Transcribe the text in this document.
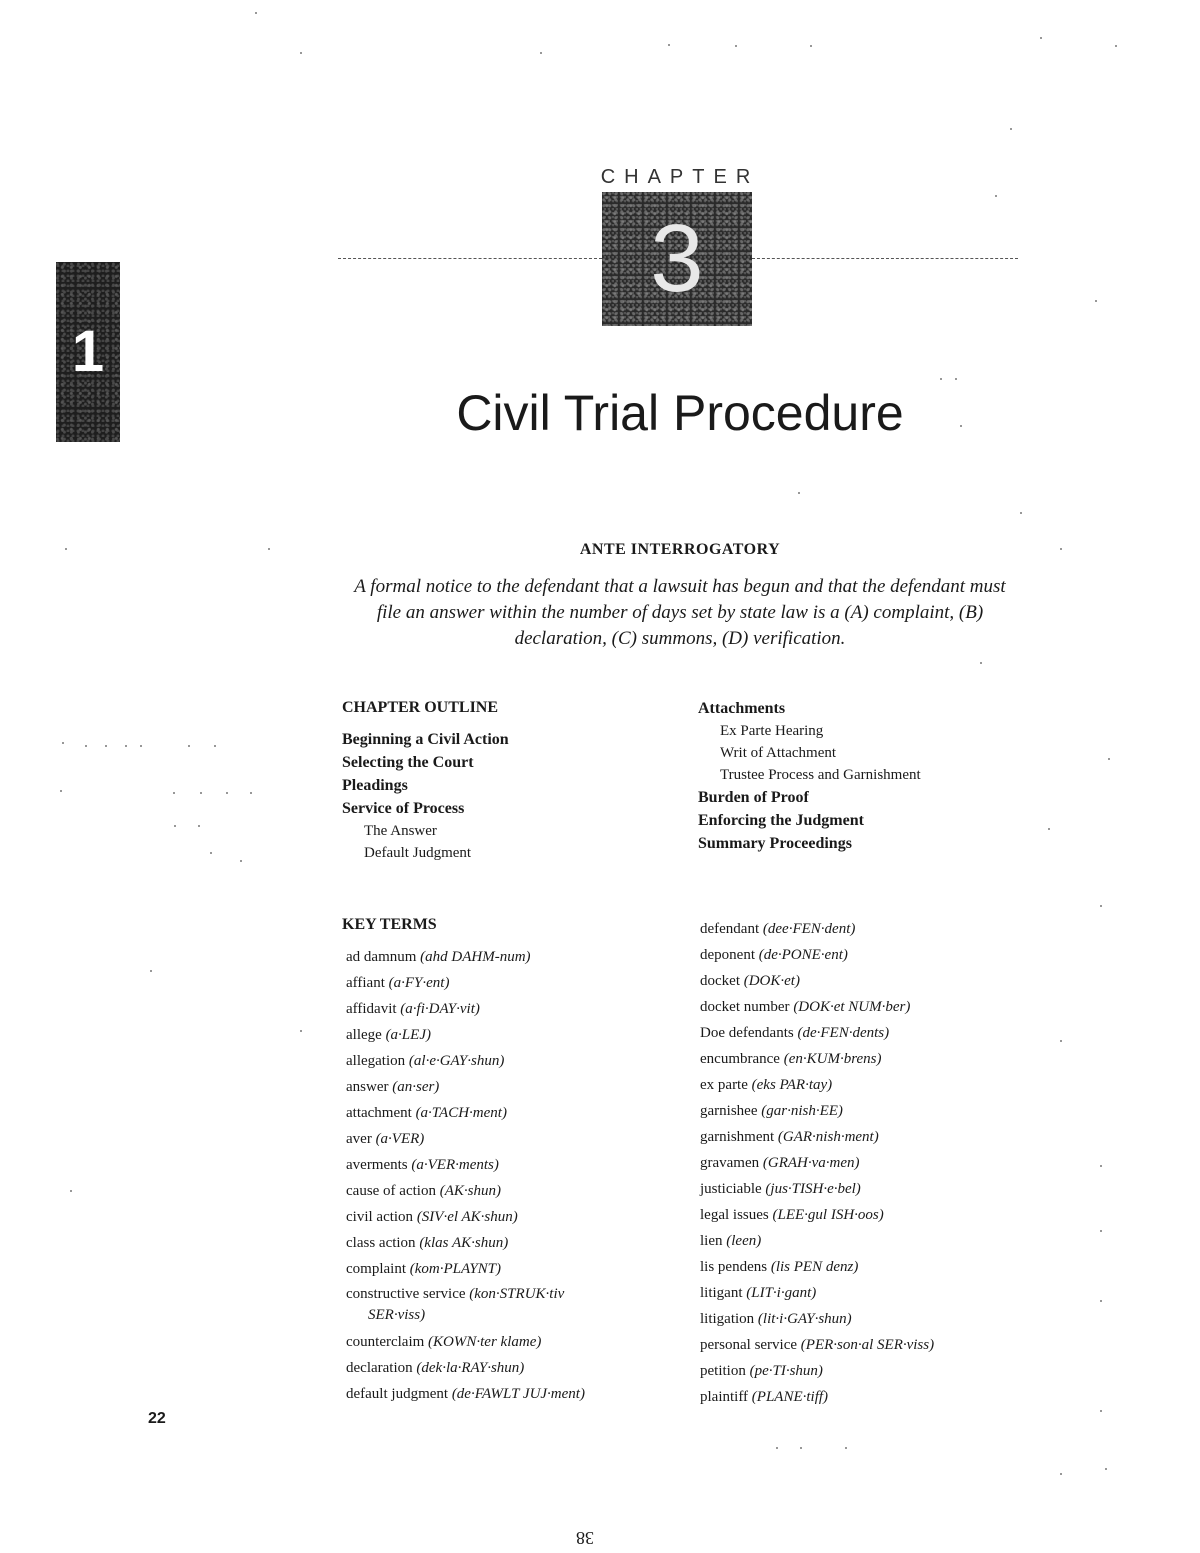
1
CHAPTER
3
Civil Trial Procedure
ANTE INTERROGATORY
A formal notice to the defendant that a lawsuit has begun and that the defendant must file an answer within the number of days set by state law is a (A) complaint, (B) declaration, (C) summons, (D) verification.
CHAPTER OUTLINE
Beginning a Civil Action
Selecting the Court
Pleadings
Service of Process
The Answer
Default Judgment
Attachments
Ex Parte Hearing
Writ of Attachment
Trustee Process and Garnishment
Burden of Proof
Enforcing the Judgment
Summary Proceedings
KEY TERMS
ad damnum (ahd DAHM-num)
affiant (a·FY·ent)
affidavit (a·fi·DAY·vit)
allege (a·LEJ)
allegation (al·e·GAY·shun)
answer (an·ser)
attachment (a·TACH·ment)
aver (a·VER)
averments (a·VER·ments)
cause of action (AK·shun)
civil action (SIV·el AK·shun)
class action (klas AK·shun)
complaint (kom·PLAYNT)
constructive service (kon·STRUK·tiv
SER·viss)
counterclaim (KOWN·ter klame)
declaration (dek·la·RAY·shun)
default judgment (de·FAWLT JUJ·ment)
defendant (dee·FEN·dent)
deponent (de·PONE·ent)
docket (DOK·et)
docket number (DOK·et NUM·ber)
Doe defendants (de·FEN·dents)
encumbrance (en·KUM·brens)
ex parte (eks PAR·tay)
garnishee (gar·nish·EE)
garnishment (GAR·nish·ment)
gravamen (GRAH·va·men)
justiciable (jus·TISH·e·bel)
legal issues (LEE·gul ISH·oos)
lien (leen)
lis pendens (lis PEN denz)
litigant (LIT·i·gant)
litigation (lit·i·GAY·shun)
personal service (PER·son·al SER·viss)
petition (pe·TI·shun)
plaintiff (PLANE·tiff)
22
38
